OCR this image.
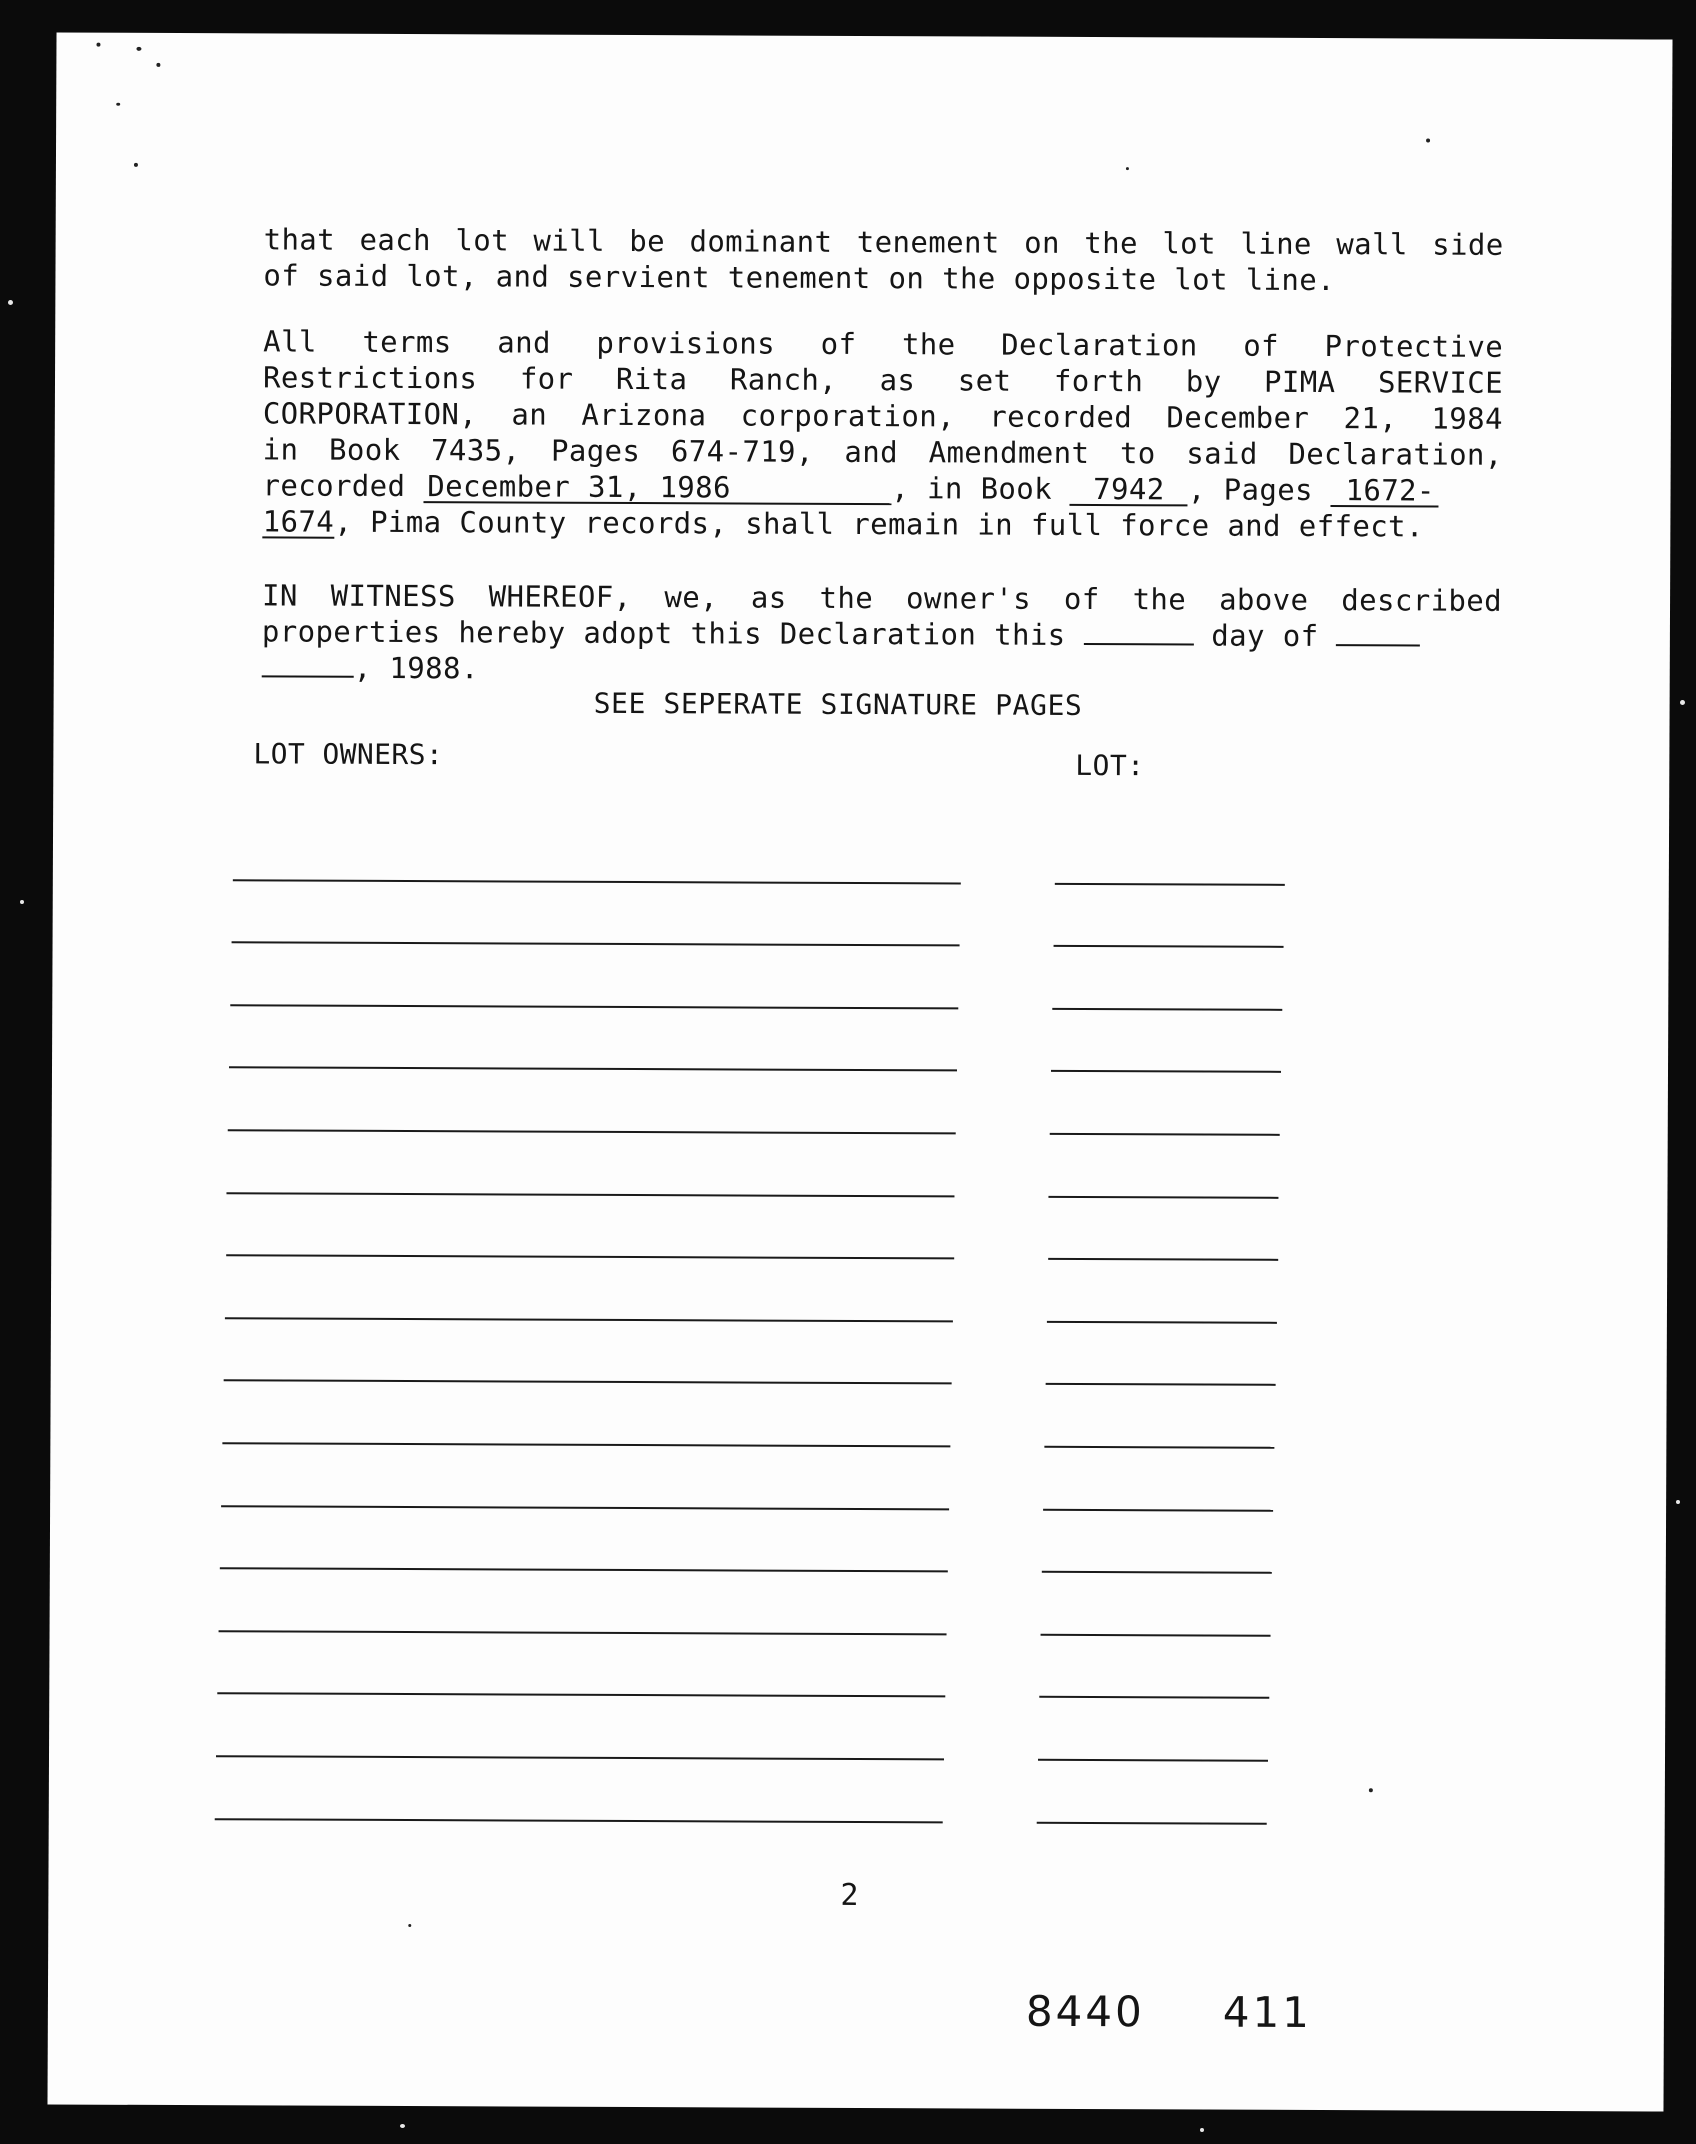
that each lot will be dominant tenement on the lot line wall side
of said lot, and servient tenement on the opposite lot line.

All terms and provisions of the Declaration of Protective
Restrictions for Rita Ranch, as set forth by PIMA SERVICE
CORPORATION, an Arizona corporation, recorded December 21, 1984
in Book 7435, Pages 674-719, and Amendment to said Declaration,
recorded December 31, 1986	, in Book 7942 , Pages 1672-
1674, Pima County records, shall remain in full force and effect.
IN WITNESS WHEREOF, we, as the owner's of the above described
properties hereby adopt this Declaration this	day of
, 1988.
SEE SEPERATE SIGNATURE PAGES
LOT OWNERS:	LOT:
2
8440 411
